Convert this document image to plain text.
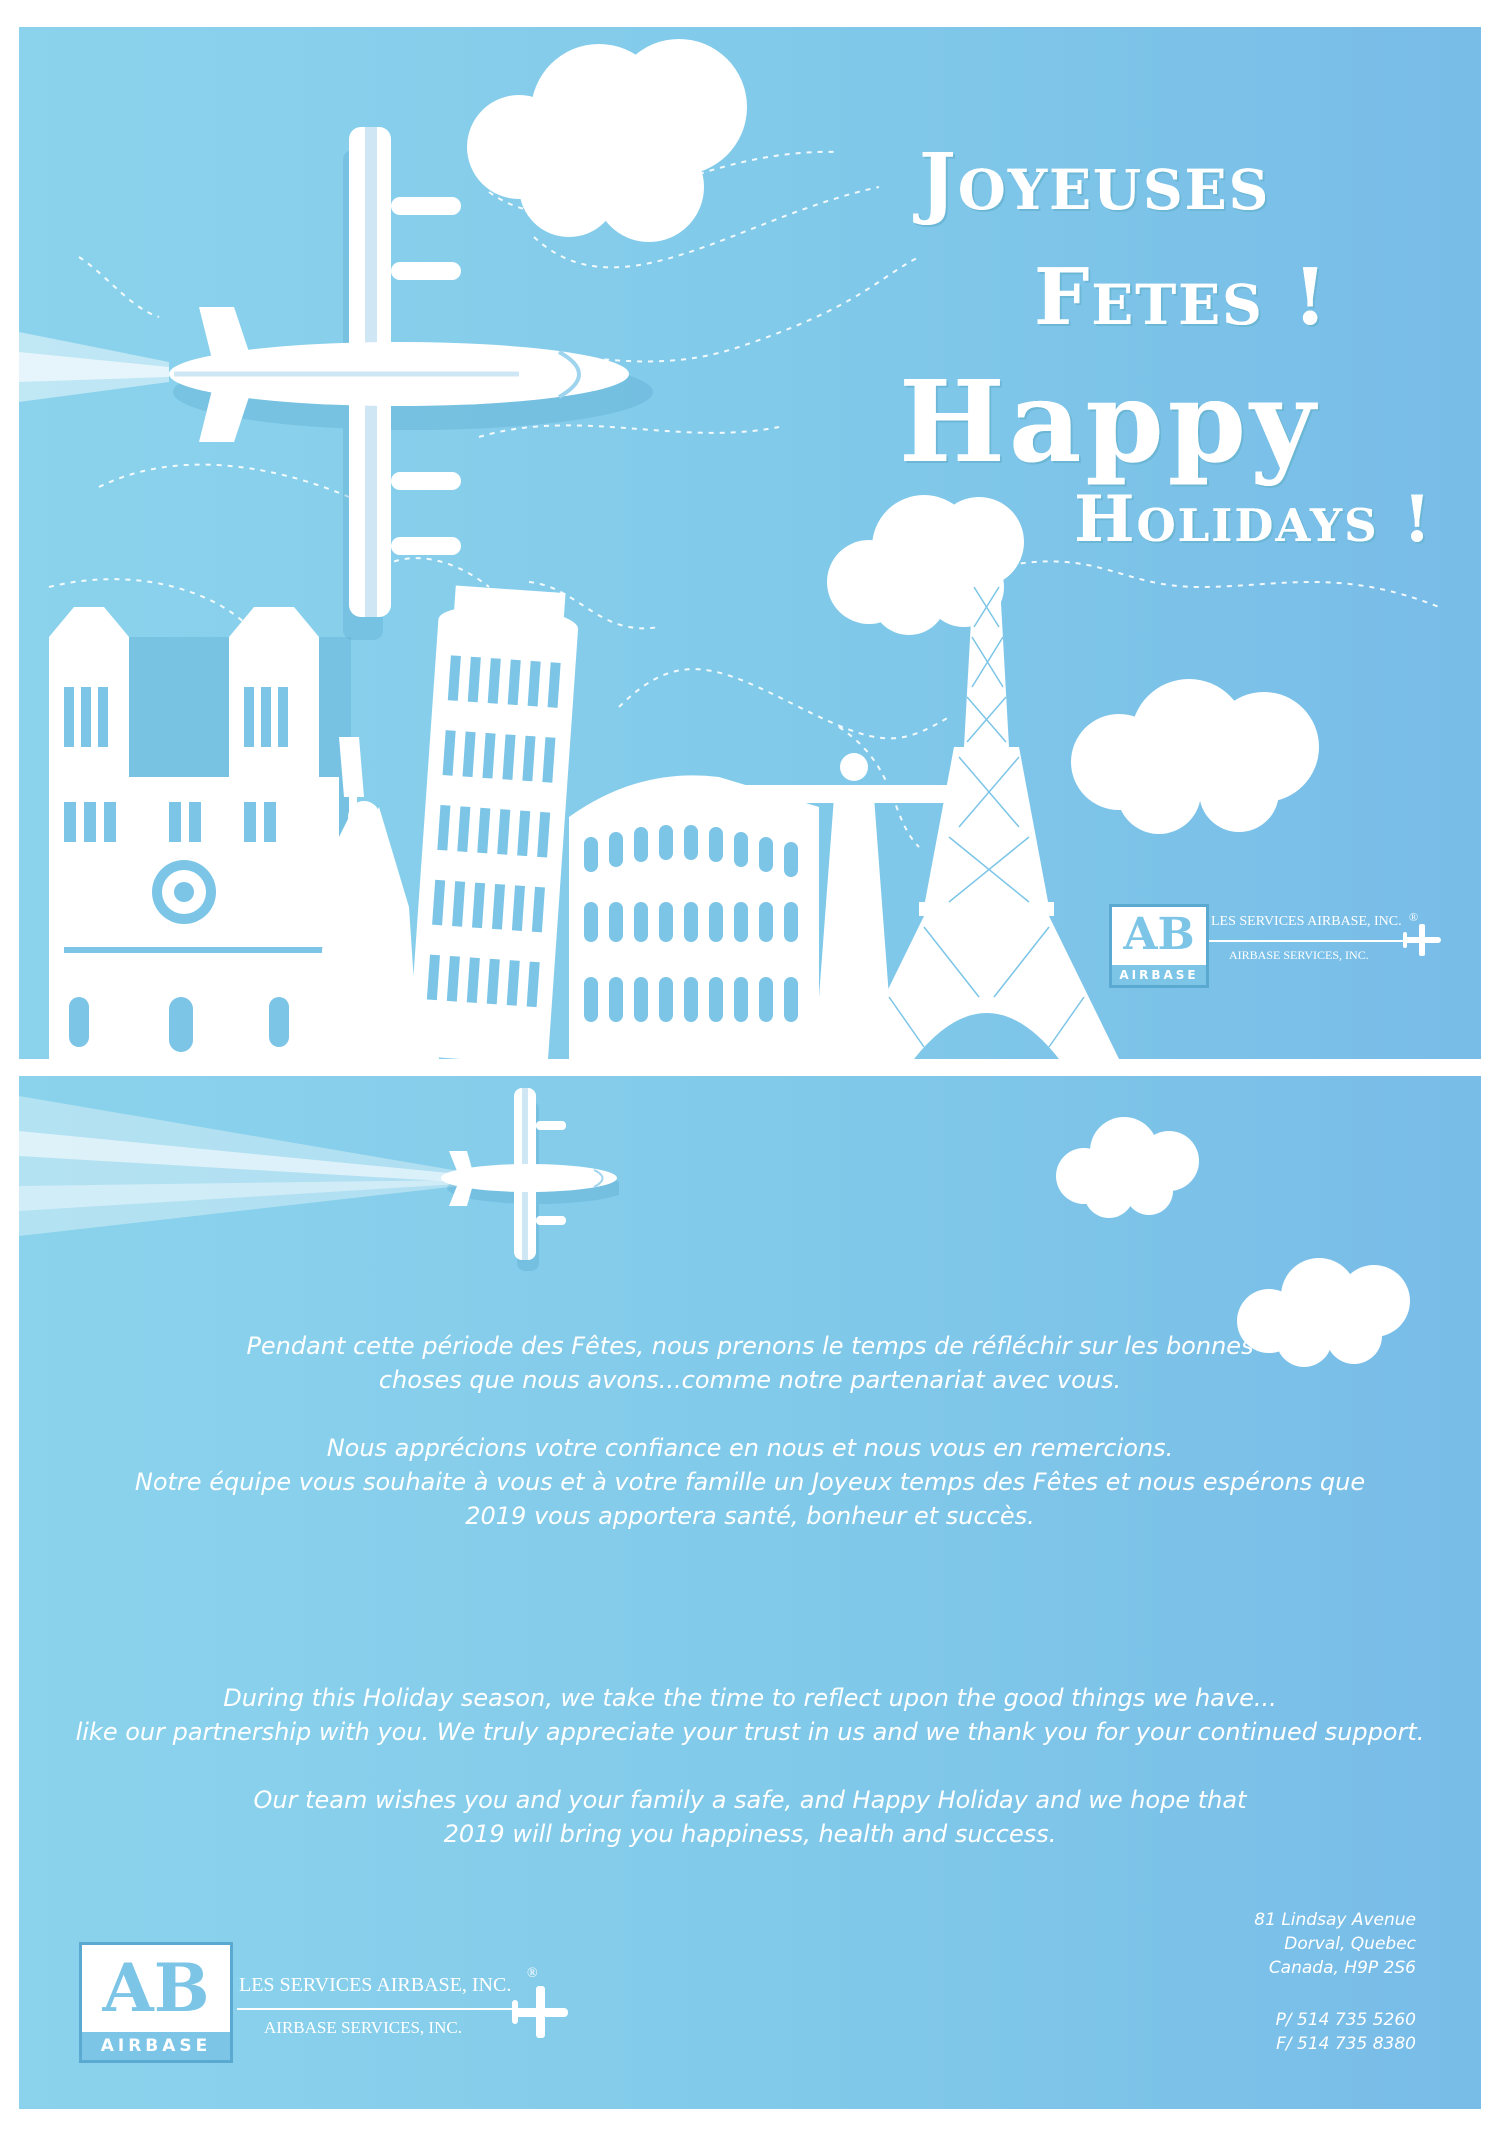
Joyeuses
Fetes !
Happy
Holidays !
AB
AIRBASE
LES SERVICES AIRBASE, INC.
AIRBASE SERVICES, INC.
®
Pendant cette période des Fêtes, nous prenons le temps de réfléchir sur les bonnes
choses que nous avons...comme notre partenariat avec vous.
Nous apprécions votre confiance en nous et nous vous en remercions.
Notre équipe vous souhaite à vous et à votre famille un Joyeux temps des Fêtes et nous espérons que
2019 vous apportera santé, bonheur et succès.
During this Holiday season, we take the time to reflect upon the good things we have...
like our partnership with you. We truly appreciate your trust in us and we thank you for your continued support.
Our team wishes you and your family a safe, and Happy Holiday and we hope that
2019 will bring you happiness, health and success.
81 Lindsay Avenue
Dorval, Quebec
Canada, H9P 2S6
P/ 514 735 5260
F/ 514 735 8380
AB
AIRBASE
LES SERVICES AIRBASE, INC.
AIRBASE SERVICES, INC.
®
